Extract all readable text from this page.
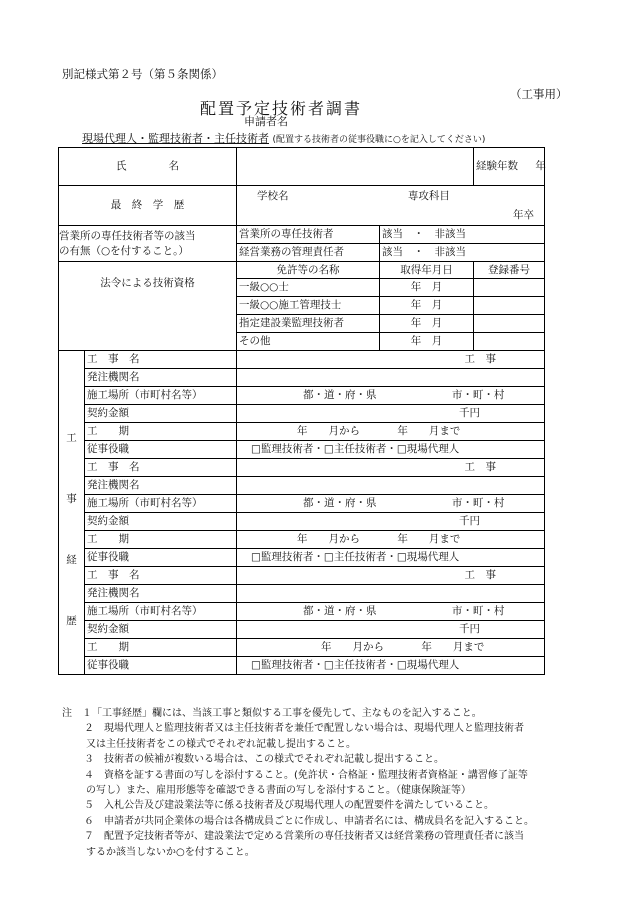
別記様式第２号（第５条関係）
（工事用）
配置予定技術者調書
申請者名
現場代理人・監理技術者・主任技術者 (配置する技術者の従事役職に○を記入してください)
氏　　　　名				経験年数 年
最　終　学　歴		学校名 専攻科目
年卒		

営業所の専任技術者等の該当
の有無（○を付すること。）		営業所の専任技術者	該当　・　非該当	
		経営業務の管理責任者	該当　・　非該当	
法令による技術資格		免許等の名称	取得年月日	登録番号
		一級○○士	年　月	
		一級○○施工管理技士	年　月	
		指定建設業監理技術者	年　月	
		その他	年　月	

工
事
経
歴	工　事　名	工　事		
	発注機関名			
	施工場所（市町村名等）	都・道・府・県 市・町・村		
	契約金額	千円		
	工　　期	年　　月から 年　　月まで		
	従事役職	□監理技術者・□主任技術者・□現場代理人		
	工　事　名	工　事		
	発注機関名			
	施工場所（市町村名等）	都・道・府・県 市・町・村		
	契約金額	千円		
	工　　期	年　　月から 年　　月まで		
	従事役職	□監理技術者・□主任技術者・□現場代理人		
	工　事　名	工　事		
	発注機関名			
	施工場所（市町村名等）	都・道・府・県 市・町・村		
	契約金額	千円		
	工　　期	年　　月から 年　　月まで		
	従事役職	□監理技術者・□主任技術者・□現場代理人		
注　１「工事経歴」欄には、当該工事と類似する工事を優先して、主なものを記入すること。
２　現場代理人と監理技術者又は主任技術者を兼任で配置しない場合は、現場代理人と監理技術者
又は主任技術者をこの様式でそれぞれ記載し提出すること。
３　技術者の候補が複数いる場合は、この様式でそれぞれ記載し提出すること。
４　資格を証する書面の写しを添付すること。(免許状・合格証・監理技術者資格証・講習修了証等
の写し）また、雇用形態等を確認できる書面の写しを添付すること。（健康保険証等）
５　入札公告及び建設業法等に係る技術者及び現場代理人の配置要件を満たしていること。
６　申請者が共同企業体の場合は各構成員ごとに作成し、申請者名には、構成員名を記入すること。
７　配置予定技術者等が、建設業法で定める営業所の専任技術者又は経営業務の管理責任者に該当
するか該当しないか○を付すること。
